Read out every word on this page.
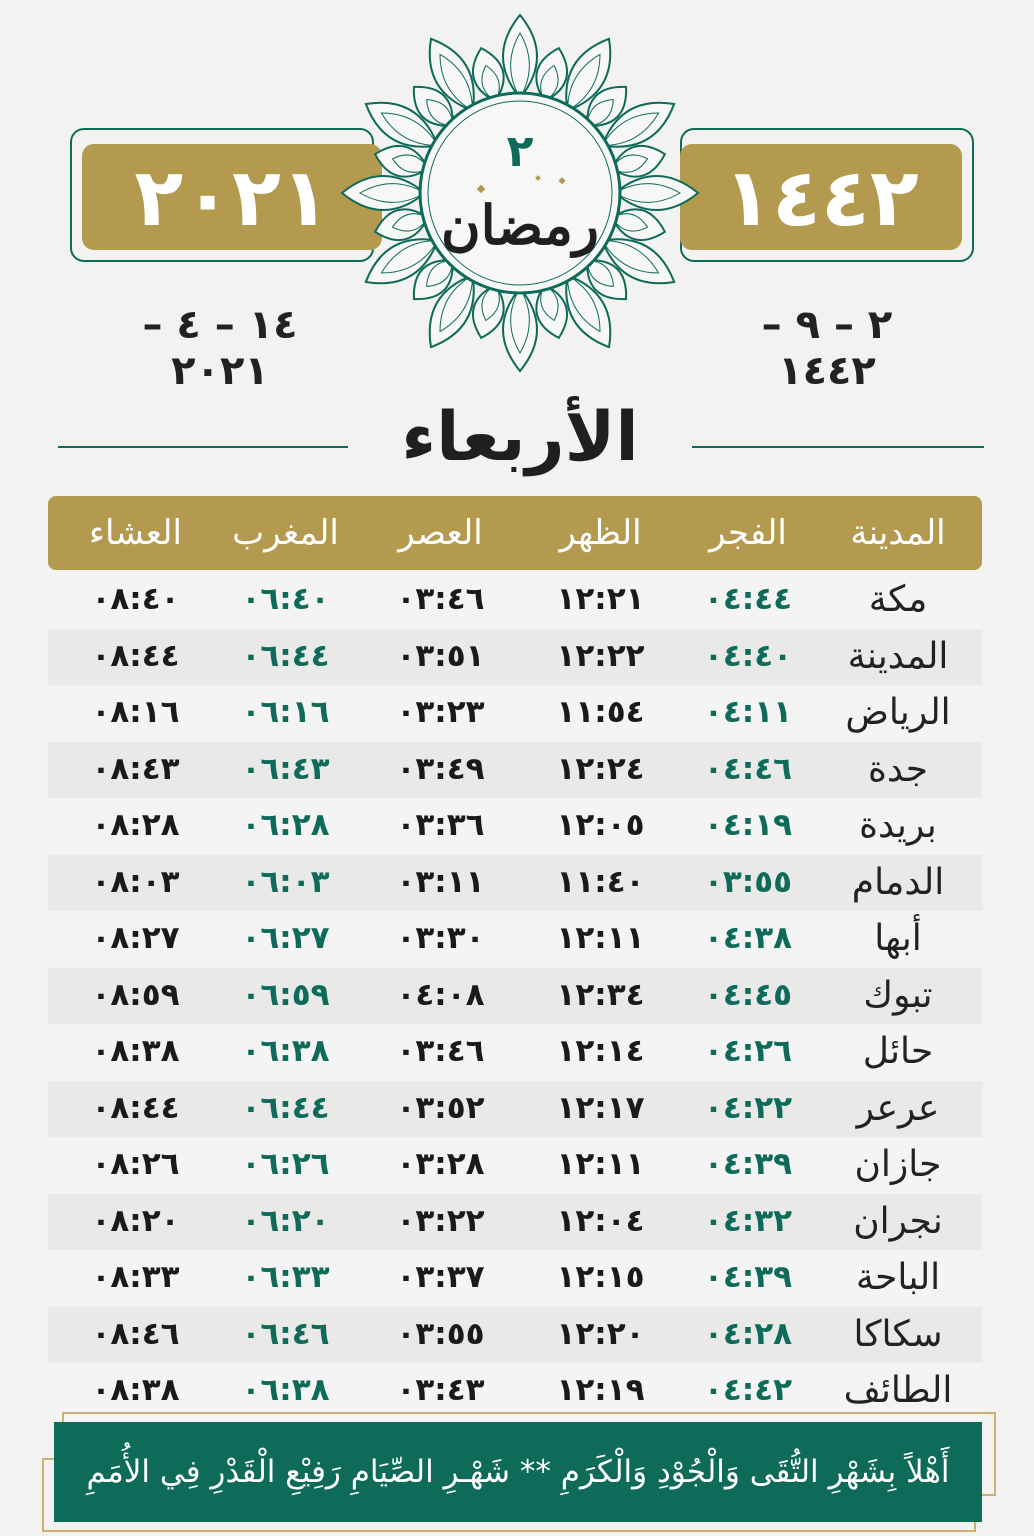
٢٠٢١	١٤٤٢
٢
رمضان
١٤ – ٤ – ٢٠٢١
٢ – ٩ – ١٤٤٢
الأربعاء
المدينة
الفجر
الظهر
العصر
المغرب
العشاء
مكة
٠٤:٤٤
١٢:٢١
٠٣:٤٦
٠٦:٤٠
٠٨:٤٠
المدينة
٠٤:٤٠
١٢:٢٢
٠٣:٥١
٠٦:٤٤
٠٨:٤٤
الرياض
٠٤:١١
١١:٥٤
٠٣:٢٣
٠٦:١٦
٠٨:١٦
جدة
٠٤:٤٦
١٢:٢٤
٠٣:٤٩
٠٦:٤٣
٠٨:٤٣
بريدة
٠٤:١٩
١٢:٠٥
٠٣:٣٦
٠٦:٢٨
٠٨:٢٨
الدمام
٠٣:٥٥
١١:٤٠
٠٣:١١
٠٦:٠٣
٠٨:٠٣
أبها
٠٤:٣٨
١٢:١١
٠٣:٣٠
٠٦:٢٧
٠٨:٢٧
تبوك
٠٤:٤٥
١٢:٣٤
٠٤:٠٨
٠٦:٥٩
٠٨:٥٩
حائل
٠٤:٢٦
١٢:١٤
٠٣:٤٦
٠٦:٣٨
٠٨:٣٨
عرعر
٠٤:٢٢
١٢:١٧
٠٣:٥٢
٠٦:٤٤
٠٨:٤٤
جازان
٠٤:٣٩
١٢:١١
٠٣:٢٨
٠٦:٢٦
٠٨:٢٦
نجران
٠٤:٣٢
١٢:٠٤
٠٣:٢٢
٠٦:٢٠
٠٨:٢٠
الباحة
٠٤:٣٩
١٢:١٥
٠٣:٣٧
٠٦:٣٣
٠٨:٣٣
سكاكا
٠٤:٢٨
١٢:٢٠
٠٣:٥٥
٠٦:٤٦
٠٨:٤٦
الطائف
٠٤:٤٢
١٢:١٩
٠٣:٤٣
٠٦:٣٨
٠٨:٣٨
أَهْلاً بِشَهْرِ التُّقَى وَالْجُوْدِ وَالْكَرَمِ ** شَهْـرِ الصِّيَامِ رَفِيْعِ الْقَدْرِ فِي الأُمَمِ
